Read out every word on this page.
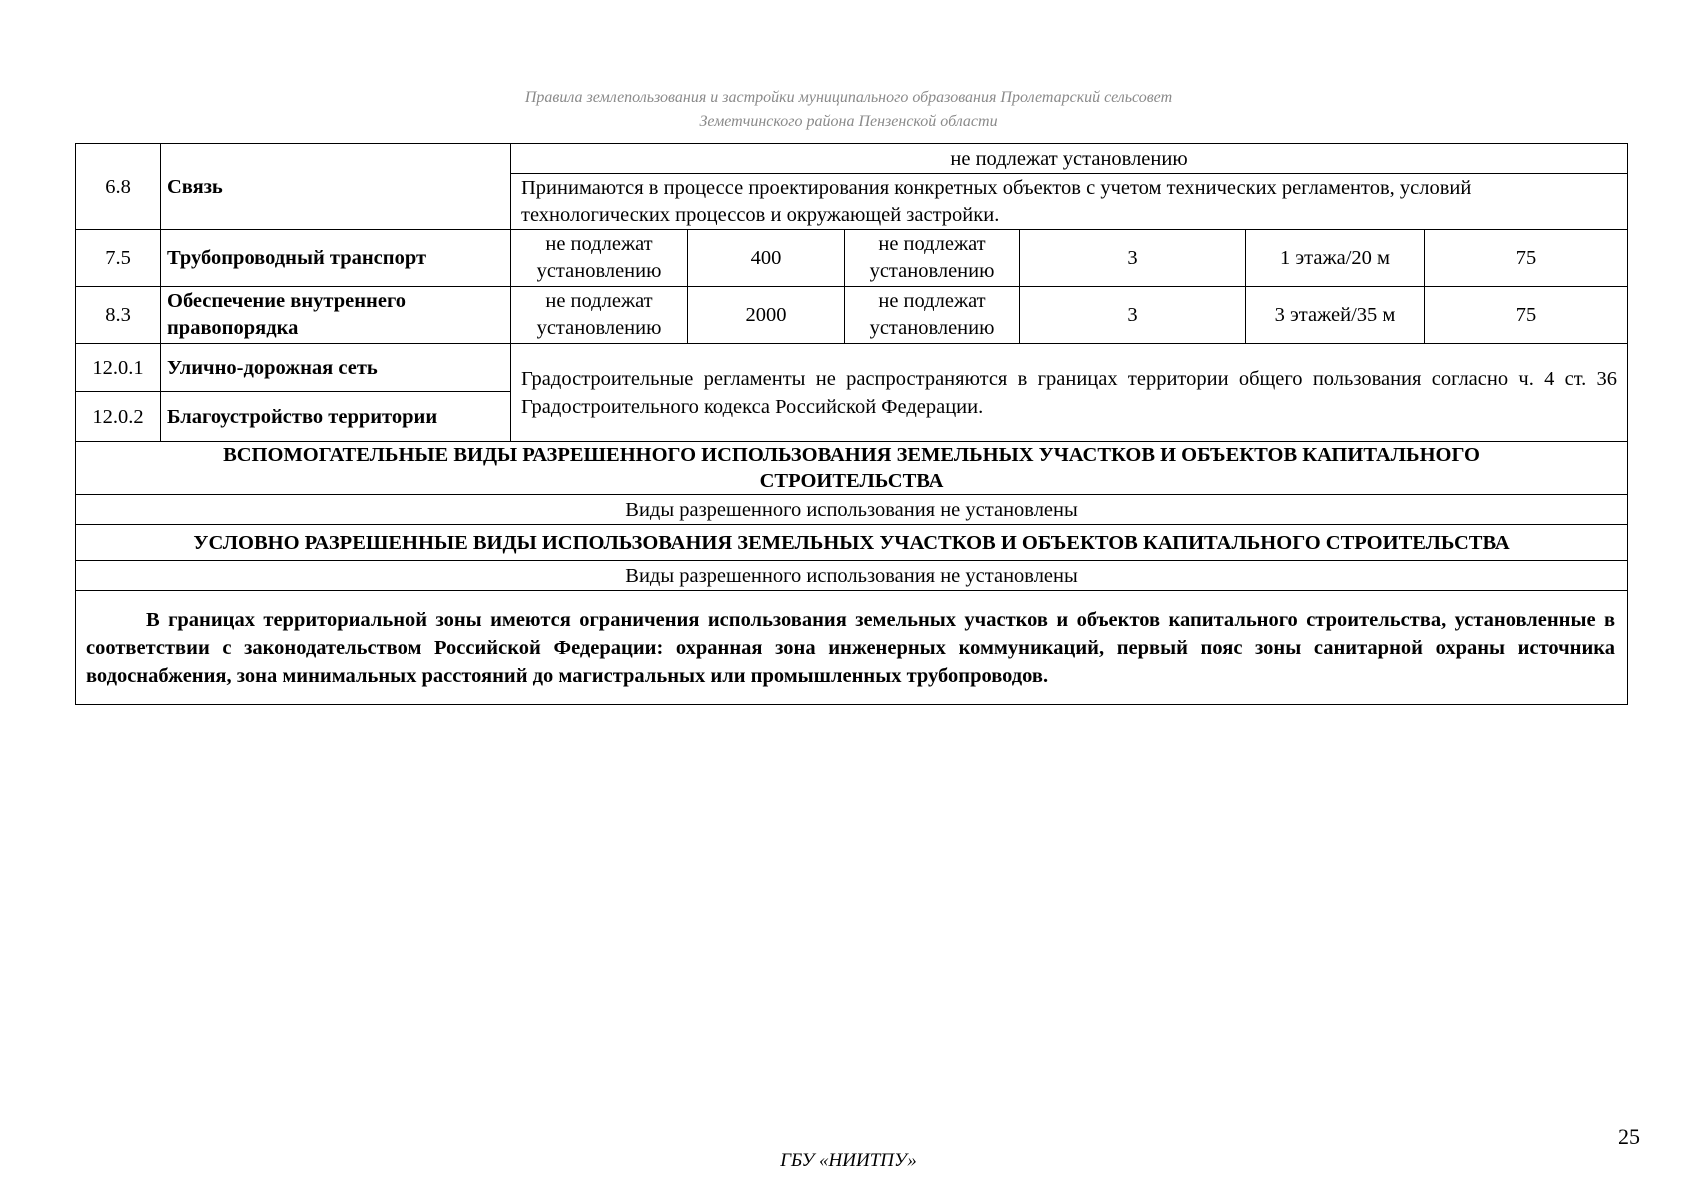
Правила землепользования и застройки муниципального образования Пролетарский сельсовет
Земетчинского района Пензенской области
6.8	Связь	не подлежат установлению					
		Принимаются в процессе проектирования конкретных объектов с учетом технических регламентов, условий технологических процессов и окружающей застройки.					
7.5	Трубопроводный транспорт	не подлежат установлению	400	не подлежат установлению	3	1 этажа/20 м	75
8.3	Обеспечение внутреннего правопорядка	не подлежат установлению	2000	не подлежат установлению	3	3 этажей/35 м	75
12.0.1	Улично-дорожная сеть	Градостроительные регламенты не распространяются в границах территории общего пользования согласно ч. 4 ст. 36 Градостроительного кодекса Российской Федерации.					
12.0.2	Благоустройство территории						
ВСПОМОГАТЕЛЬНЫЕ ВИДЫ РАЗРЕШЕННОГО ИСПОЛЬЗОВАНИЯ ЗЕМЕЛЬНЫХ УЧАСТКОВ И ОБЪЕКТОВ КАПИТАЛЬНОГО СТРОИТЕЛЬСТВА							
Виды разрешенного использования не установлены							
УСЛОВНО РАЗРЕШЕННЫЕ ВИДЫ ИСПОЛЬЗОВАНИЯ ЗЕМЕЛЬНЫХ УЧАСТКОВ И ОБЪЕКТОВ КАПИТАЛЬНОГО СТРОИТЕЛЬСТВА							
Виды разрешенного использования не установлены							
В границах территориальной зоны имеются ограничения использования земельных участков и объектов капитального строительства, установленные в соответствии с законодательством Российской Федерации: охранная зона инженерных коммуникаций, первый пояс зоны санитарной охраны источника водоснабжения, зона минимальных расстояний до магистральных или промышленных трубопроводов.							
25
ГБУ «НИИТПУ»
